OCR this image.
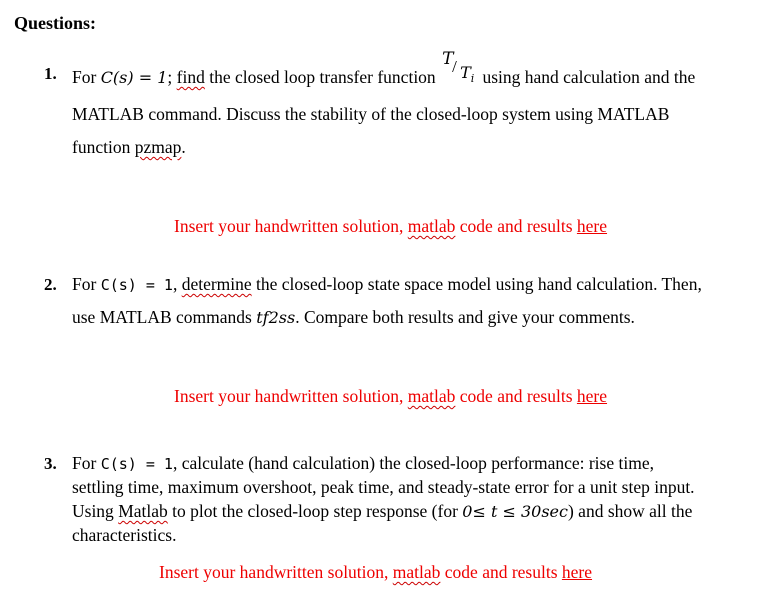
Questions:
1. For C(s) = 1; find the closed loop transfer function
T
/ $T_i$ using hand calculation and the
MATLAB command. Discuss the stability of the closed-loop system using MATLAB
function pzmap.
Insert your handwritten solution, matlab code and results here
2. For C(s) = 1, determine the closed-loop state space model using hand calculation. Then,
use MATLAB commands tf2ss. Compare both results and give your comments.
Insert your handwritten solution, matlab code and results here
3. For C(s) = 1, calculate (hand calculation) the closed-loop performance: rise time,
settling time, maximum overshoot, peak time, and steady-state error for a unit step input.
Using Matlab to plot the closed-loop step response (for 0≤ t ≤ 30sec) and show all the
characteristics.
Insert your handwritten solution, matlab code and results here
